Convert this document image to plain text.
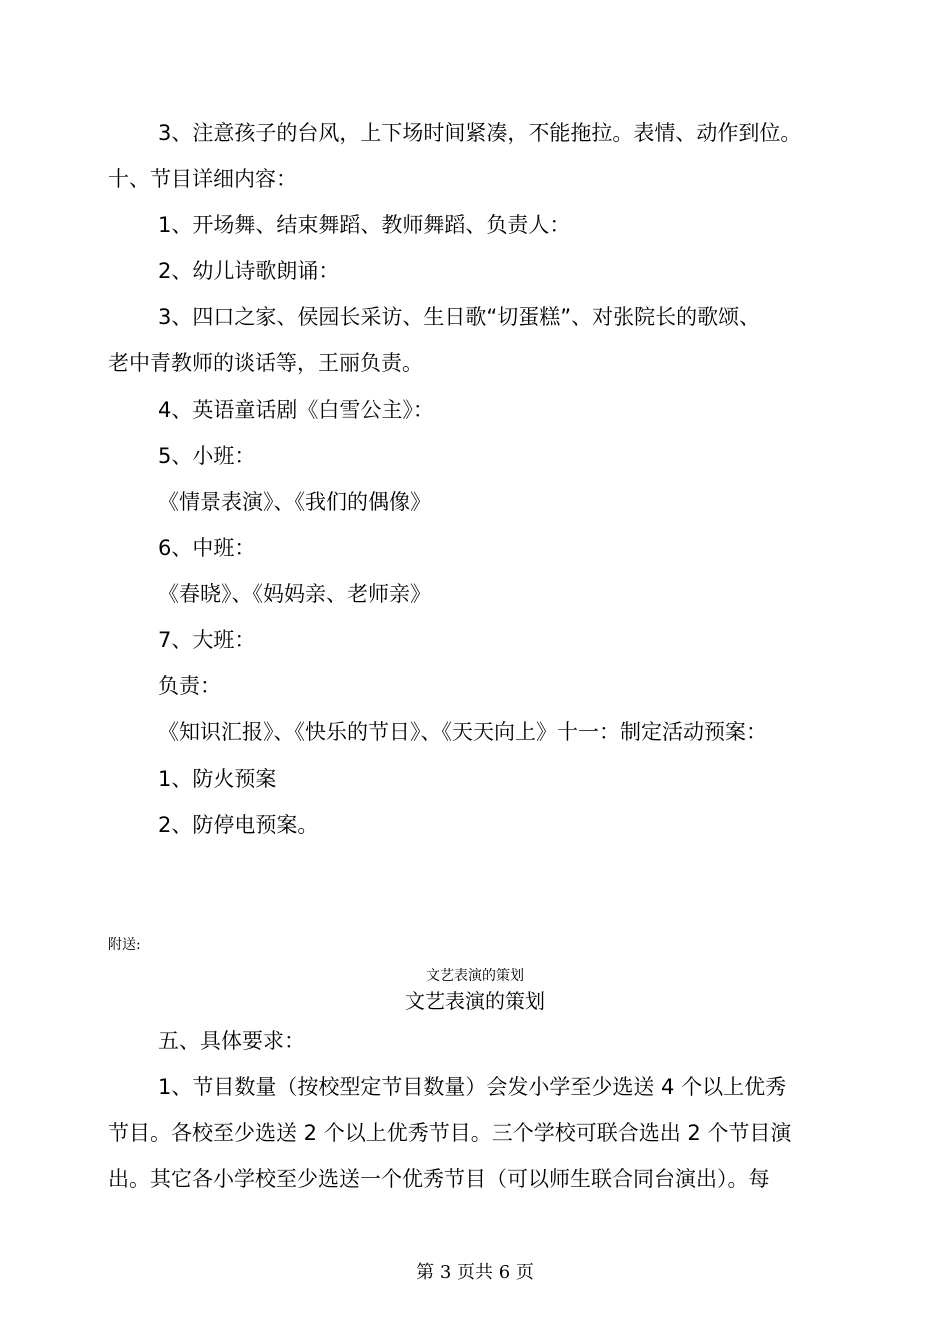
3、注意孩子的台风，上下场时间紧凑，不能拖拉。表情、动作到位。

十、节目详细内容：

1、开场舞、结束舞蹈、教师舞蹈、负责人：

2、幼儿诗歌朗诵：

3、四口之家、侯园长采访、生日歌“切蛋糕”、对张院长的歌颂、

老中青教师的谈话等，王丽负责。

4、英语童话剧《白雪公主》：

5、小班：

《情景表演》、《我们的偶像》

6、中班：

《春晓》、《妈妈亲、老师亲》

7、大班：

负责：

《知识汇报》、《快乐的节日》、《天天向上》十一：制定活动预案：

1、防火预案

2、防停电预案。

附送:

文艺表演的策划

文艺表演的策划

五、具体要求：

1、节目数量（按校型定节目数量）会发小学至少选送 4 个以上优秀

节目。各校至少选送 2 个以上优秀节目。三个学校可联合选出 2 个节目演

出。其它各小学校至少选送一个优秀节目（可以师生联合同台演出）。每

第 3 页共 6 页
